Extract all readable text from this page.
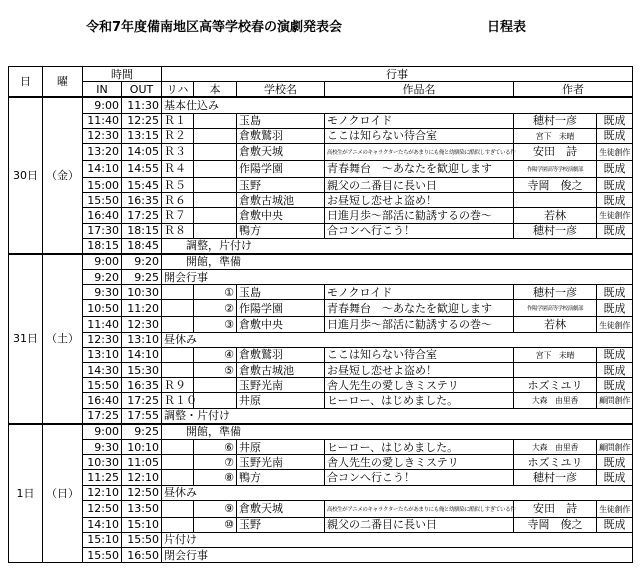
令和7年度備南地区高等学校春の演劇発表会	日程表
日	曜	時間		行事					
		IN	OUT	リハ	本	学校名	作品名	作者	
30日	（金）	9:00	11:30	基本仕込み					
		11:40	12:25	Ｒ１		玉島	モノクロイド	穂村一彦	既成
		12:30	13:15	Ｒ２		倉敷鷲羽	ここは知らない待合室	宮下　未晴	既成
		13:20	14:05	Ｒ３		倉敷天城	高校生がアニメのキャラクターたちがあまりにも俺と幼馴染に酷似しすぎている件	安田　詩	生徒創作
		14:10	14:55	Ｒ４		作陽学園	青春舞台　～あなたを歓迎します	作陽学園高等学校演劇部	既成
		15:00	15:45	Ｒ５		玉野	親父の二番目に長い日	寺岡　俊之	既成
		15:50	16:35	Ｒ６		倉敷古城池	お昼短し恋せよ盗め！		既成
		16:40	17:25	Ｒ７		倉敷中央	日進月歩～部活に勧誘するの巻～	若林	生徒創作
		17:30	18:15	Ｒ８		鴨方	合コンへ行こう！	穂村一彦	既成
		18:15	18:45	　　調整，片付け					
31日	（土）	9:00	9:20	　　開館，準備					
		9:20	9:25	開会行事					
		9:30	10:30		①	玉島	モノクロイド	穂村一彦	既成
		10:50	11:20		②	作陽学園	青春舞台　～あなたを歓迎します	作陽学園高等学校演劇部	既成
		11:40	12:30		③	倉敷中央	日進月歩～部活に勧誘するの巻～	若林	生徒創作
		12:30	13:10	昼休み					
		13:10	14:10		④	倉敷鷲羽	ここは知らない待合室	宮下　未晴	既成
		14:30	15:30		⑤	倉敷古城池	お昼短し恋せよ盗め！		既成
		15:50	16:35	Ｒ９		玉野光南	舎人先生の愛しきミステリ	ホズミユリ	既成
		16:40	17:25	Ｒ１０		井原	ヒーロー、はじめました。	大森　由里香	顧問創作
		17:25	17:55	調整・片付け					
1日	（日）	9:00	9:25	　　開館，準備					
		9:30	10:10		⑥	井原	ヒーロー、はじめました。	大森　由里香	顧問創作
		10:30	11:05		⑦	玉野光南	舎人先生の愛しきミステリ	ホズミユリ	既成
		11:25	12:10		⑧	鴨方	合コンへ行こう！	穂村一彦	既成
		12:10	12:50	昼休み					
		12:50	13:50		⑨	倉敷天城	高校生がアニメのキャラクターたちがあまりにも俺と幼馴染に酷似しすぎている件	安田　詩	生徒創作
		14:10	15:10		⑩	玉野	親父の二番目に長い日	寺岡　俊之	既成
		15:10	15:50	片付け					
		15:50	16:50	閉会行事					
